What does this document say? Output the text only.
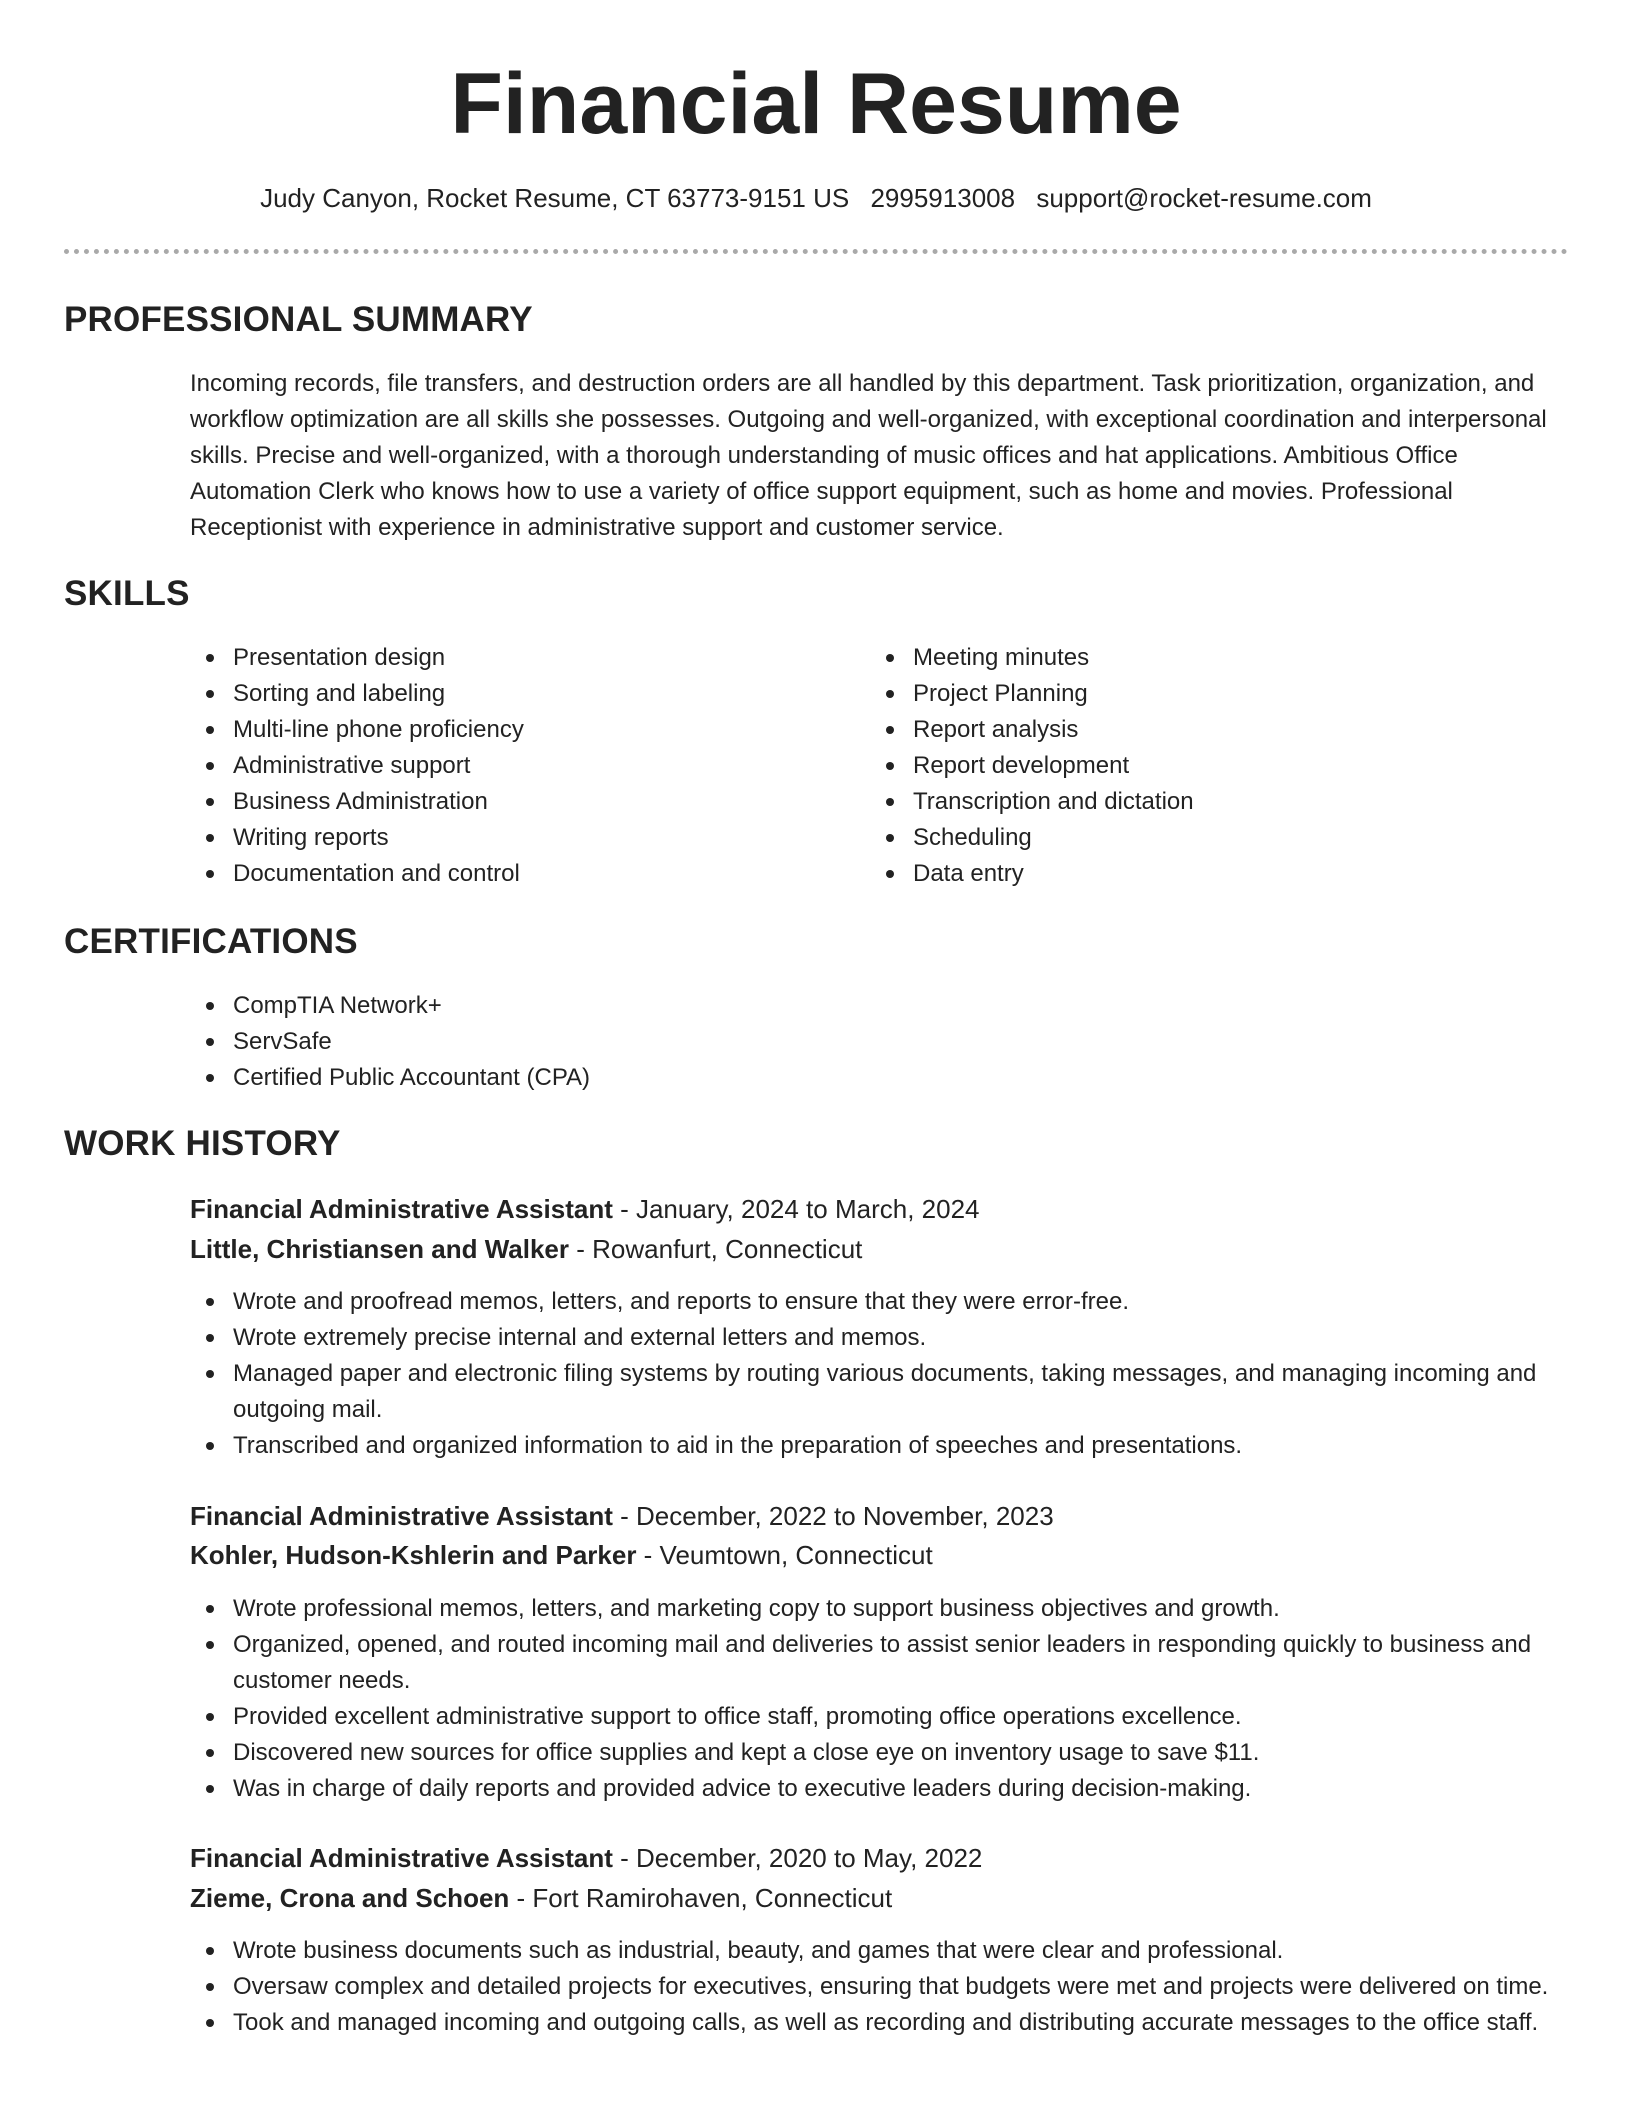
Financial Resume
Judy Canyon, Rocket Resume, CT 63773-9151 US 2995913008 support@rocket-resume.com
PROFESSIONAL SUMMARY

Incoming records, file transfers, and destruction orders are all handled by this department. Task prioritization, organization, and workflow optimization are all skills she possesses. Outgoing and well-organized, with exceptional coordination and interpersonal skills. Precise and well-organized, with a thorough understanding of music offices and hat applications. Ambitious Office Automation Clerk who knows how to use a variety of office support equipment, such as home and movies. Professional Receptionist with experience in administrative support and customer service.

SKILLS
Presentation design
Sorting and labeling
Multi-line phone proficiency
Administrative support
Business Administration
Writing reports
Documentation and control
Meeting minutes
Project Planning
Report analysis
Report development
Transcription and dictation
Scheduling
Data entry
CERTIFICATIONS
CompTIA Network+
ServSafe
Certified Public Accountant (CPA)
WORK HISTORY
Financial Administrative Assistant - January, 2024 to March, 2024
Little, Christiansen and Walker - Rowanfurt, Connecticut
Wrote and proofread memos, letters, and reports to ensure that they were error-free.
Wrote extremely precise internal and external letters and memos.
Managed paper and electronic filing systems by routing various documents, taking messages, and managing incoming and outgoing mail.
Transcribed and organized information to aid in the preparation of speeches and presentations.
Financial Administrative Assistant - December, 2022 to November, 2023
Kohler, Hudson-Kshlerin and Parker - Veumtown, Connecticut
Wrote professional memos, letters, and marketing copy to support business objectives and growth.
Organized, opened, and routed incoming mail and deliveries to assist senior leaders in responding quickly to business and customer needs.
Provided excellent administrative support to office staff, promoting office operations excellence.
Discovered new sources for office supplies and kept a close eye on inventory usage to save $11.
Was in charge of daily reports and provided advice to executive leaders during decision-making.
Financial Administrative Assistant - December, 2020 to May, 2022
Zieme, Crona and Schoen - Fort Ramirohaven, Connecticut
Wrote business documents such as industrial, beauty, and games that were clear and professional.
Oversaw complex and detailed projects for executives, ensuring that budgets were met and projects were delivered on time.
Took and managed incoming and outgoing calls, as well as recording and distributing accurate messages to the office staff.
